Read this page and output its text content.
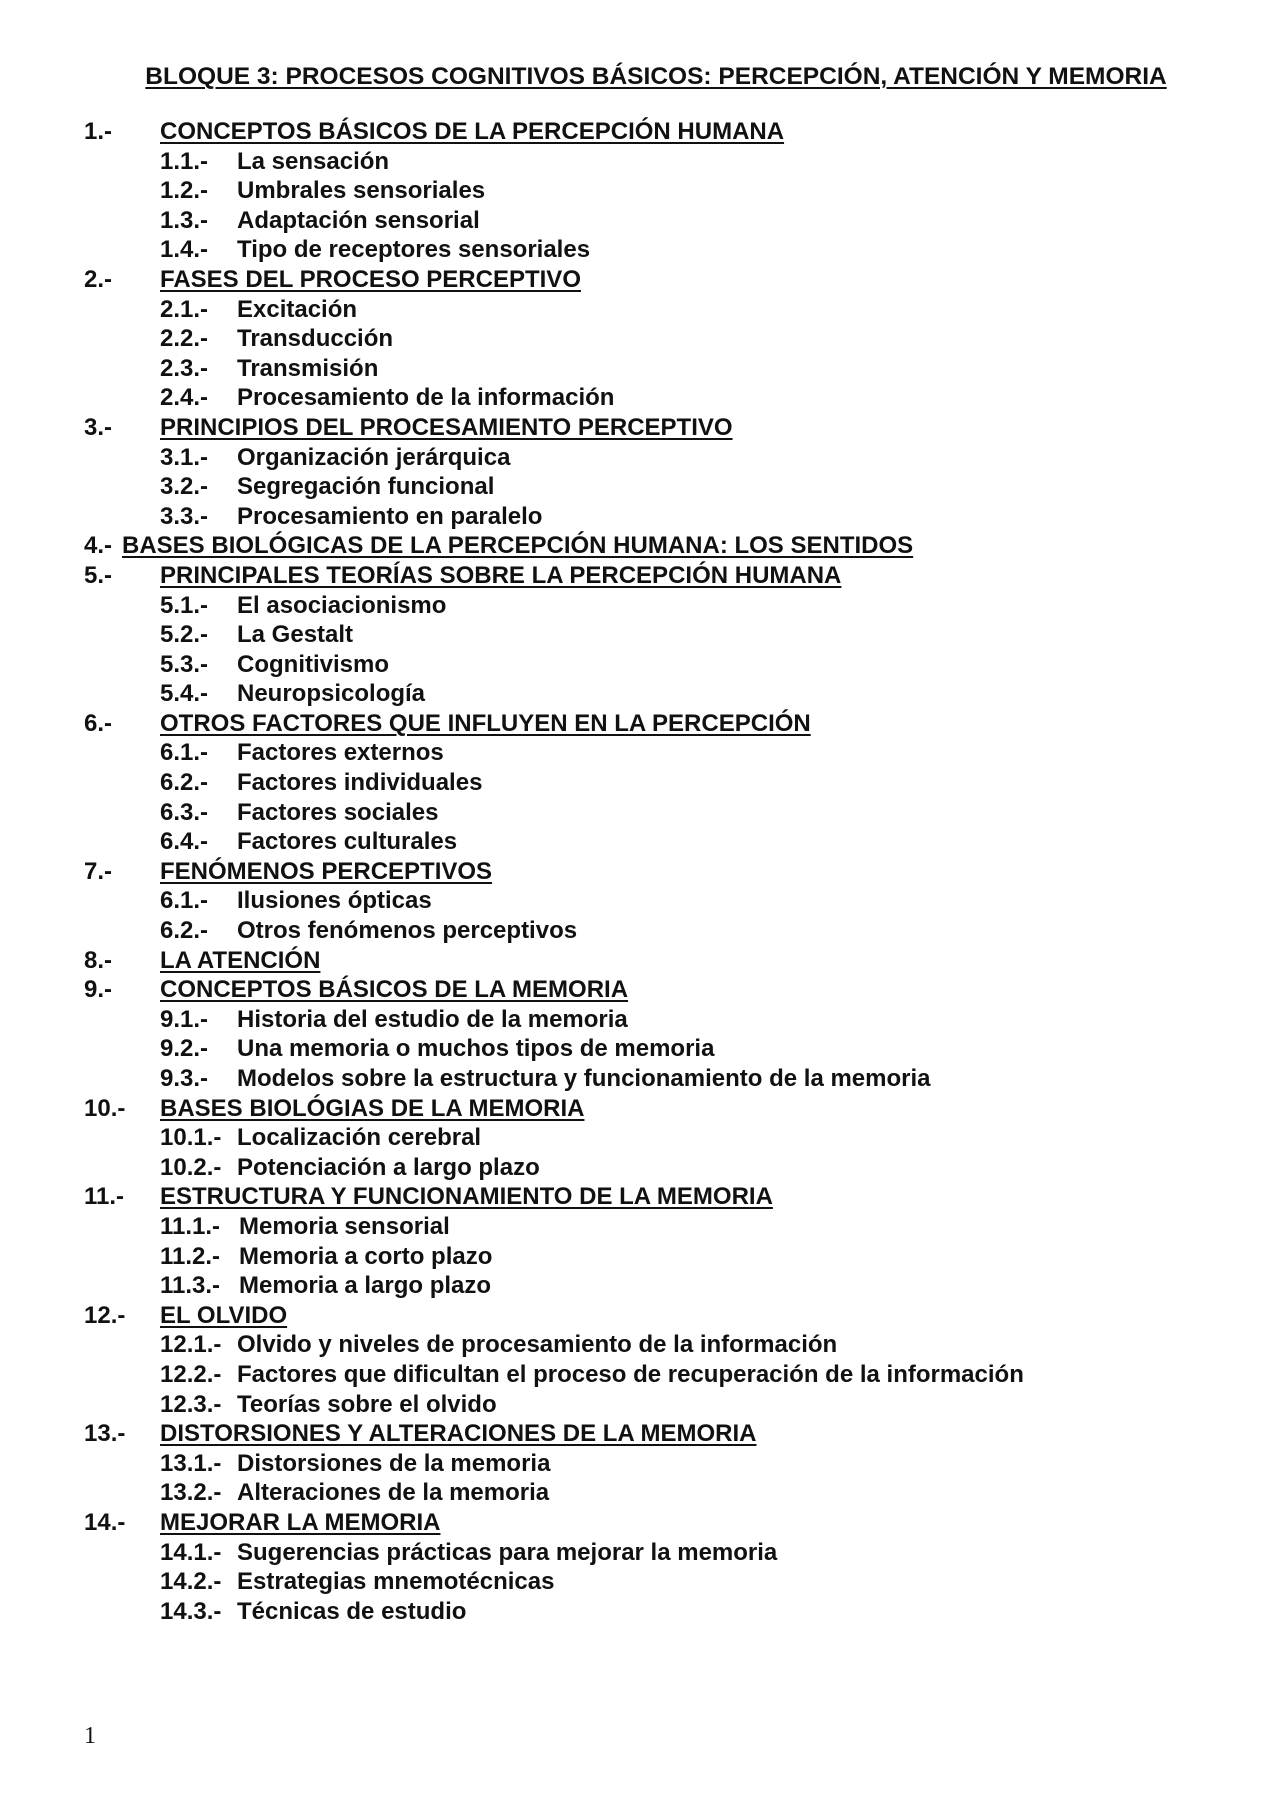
BLOQUE 3: PROCESOS COGNITIVOS BÁSICOS: PERCEPCIÓN, ATENCIÓN Y MEMORIA
1.- CONCEPTOS BÁSICOS DE LA PERCEPCIÓN HUMANA
1.1.- La sensación
1.2.- Umbrales sensoriales
1.3.- Adaptación sensorial
1.4.- Tipo de receptores sensoriales
2.- FASES DEL PROCESO PERCEPTIVO
2.1.- Excitación
2.2.- Transducción
2.3.- Transmisión
2.4.- Procesamiento de la información
3.- PRINCIPIOS DEL PROCESAMIENTO PERCEPTIVO
3.1.- Organización jerárquica
3.2.- Segregación funcional
3.3.- Procesamiento en paralelo
4.- BASES BIOLÓGICAS DE LA PERCEPCIÓN HUMANA: LOS SENTIDOS
5.- PRINCIPALES TEORÍAS SOBRE LA PERCEPCIÓN HUMANA
5.1.- El asociacionismo
5.2.- La Gestalt
5.3.- Cognitivismo
5.4.- Neuropsicología
6.- OTROS FACTORES QUE INFLUYEN EN LA PERCEPCIÓN
6.1.- Factores externos
6.2.- Factores individuales
6.3.- Factores sociales
6.4.- Factores culturales
7.- FENÓMENOS PERCEPTIVOS
6.1.- Ilusiones ópticas
6.2.- Otros fenómenos perceptivos
8.- LA ATENCIÓN
9.- CONCEPTOS BÁSICOS DE LA MEMORIA
9.1.- Historia del estudio de la memoria
9.2.- Una memoria o muchos tipos de memoria
9.3.- Modelos sobre la estructura y funcionamiento de la memoria
10.- BASES BIOLÓGIAS DE LA MEMORIA
10.1.- Localización cerebral
10.2.- Potenciación a largo plazo
11.- ESTRUCTURA Y FUNCIONAMIENTO DE LA MEMORIA
11.1.- Memoria sensorial
11.2.- Memoria a corto plazo
11.3.- Memoria a largo plazo
12.- EL OLVIDO
12.1.- Olvido y niveles de procesamiento de la información
12.2.- Factores que dificultan el proceso de recuperación de la información
12.3.- Teorías sobre el olvido
13.- DISTORSIONES Y ALTERACIONES DE LA MEMORIA
13.1.- Distorsiones de la memoria
13.2.- Alteraciones de la memoria
14.- MEJORAR LA MEMORIA
14.1.- Sugerencias prácticas para mejorar la memoria
14.2.- Estrategias mnemotécnicas
14.3.- Técnicas de estudio
1
